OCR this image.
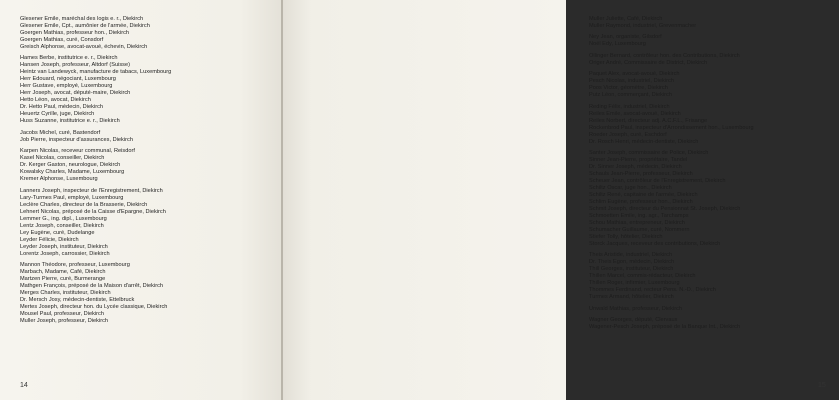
Glesener Emile, maréchal des logis e. r., Diekirch
Glesener Emile, Cpt., aumônier de l'armée, Diekirch
Goergen Mathias, professeur hon., Diekirch
Goergen Mathias, curé, Consdorf
Greisch Alphonse, avocat-avoué, échevin, Diekirch
Hames Berbe, institutrice e. r., Diekirch
Hansen Joseph, professeur, Altdorf (Suisse)
Heintz van Landewyck, manufacture de tabacs, Luxembourg
Herr Edouard, négociant, Luxembourg
Herr Gustave, employé, Luxembourg
Herr Joseph, avocat, député-maire, Diekirch
Hetto Léon, avocat, Diekirch
Dr. Hetto Paul, médecin, Diekirch
Heuertz Cyrille, juge, Diekirch
Huss Suzanne, institutrice e. r., Diekirch
Jacobs Michel, curé, Bastendorf
Job Pierre, inspecteur d'assurances, Diekirch
Karpen Nicolas, receveur communal, Reisdorf
Kasel Nicolas, conseiller, Diekirch
Dr. Kerger Gaston, neurologue, Diekirch
Kowalsky Charles, Madame, Luxembourg
Kremer Alphonse, Luxembourg
Lanners Joseph, inspecteur de l'Enregistrement, Diekirch
Lary-Turmes Paul, employé, Luxembourg
Leclère Charles, directeur de la Brasserie, Diekirch
Lehnert Nicolas, préposé de la Caisse d'Epargne, Diekirch
Lemmer G., ing. dipl., Luxembourg
Lentz Joseph, conseiller, Diekirch
Ley Eugène, curé, Dudelange
Leyder Félicie, Diekirch
Leyder Joseph, instituteur, Diekirch
Lorentz Joseph, carrossier, Diekirch
Mannon Théodore, professeur, Luxembourg
Marbach, Madame, Café, Diekirch
Martzen Pierre, curé, Burmerange
Mathgen François, préposé de la Maison d'arrêt, Diekirch
Merges Charles, instituteur, Diekirch
Dr. Mersch Josy, médecin-dentiste, Ettelbruck
Mertes Joseph, directeur hon. du Lycée classique, Diekirch
Mousel Paul, professeur, Diekirch
Muller Joseph, professeur, Diekirch
14
Muller Juliette, Café, Diekirch
Muller Raymond, industriel, Grevenmacher
Ney Jean, organiste, Gilsdorf
Noël Edy, Luxembourg
Ollinger Bernard, contrôleur hon. des Contributions, Diekirch
Origer André, Commissaire de District, Diekirch
Paquet Alex, avocat-avoué, Diekirch
Pesch Nicolas, industriel, Diekirch
Poos Victor, géomètre, Diekirch
Putz Léon, commerçant, Diekirch
Reding Félix, industriel, Diekirch
Reiles Emile, avocat-avoué, Diekirch
Reiles Norbert, directeur adj. A.C.F.L., Frisange
Rockenbrod Paul, inspecteur d'Arrondissement hon., Luxembourg
Roeder Joseph, curé, Eschdorf
Dr. Rosch Henri, médecin-dentiste, Diekirch
Santer Joseph, commissaire de Police, Diekirch
Sinner Jean-Pierre, propriétaire, Tandel
Dr. Sinner Joseph, médecin, Diekirch
Schauls Jean-Pierre, professeur, Diekirch
Scheuer Jean, contrôleur de l'Enregistrement, Diekirch
Schiltz Oscar, juge hon., Diekirch
Schiltz René, capitaine de l'armée, Diekirch
Schlim Eugène, professeur hon., Diekirch
Schmit Joseph, directeur du Pensionnat St. Joseph, Diekirch
Schmoetten Emile, ing. agr., Tarchamps
Schou Mathias, entrepreneur, Diekirch
Schumacher Guillaume, curé, Nommern
Stiefer Tolly, hôtelier, Diekirch
Storck Jacques, receveur des contributions, Diekirch
Theis Aristide, industriel, Diekirch
Dr. Theis Egon, médecin, Diekirch
Thill Georges, instituteur, Diekirch
Thillen Marcel, commis-rédacteur, Diekirch
Thillen Roger, infirmier, Luxembourg
Thommes Ferdinand, recteur Pens. N.-D., Diekirch
Turmes Armand, hôtelier, Diekirch
Unwald Mathias, professeur, Diekirch
Wagner Georges, député, Clervaux
Wagener-Pesch Joseph, préposé de la Banque Int., Diekirch
15
